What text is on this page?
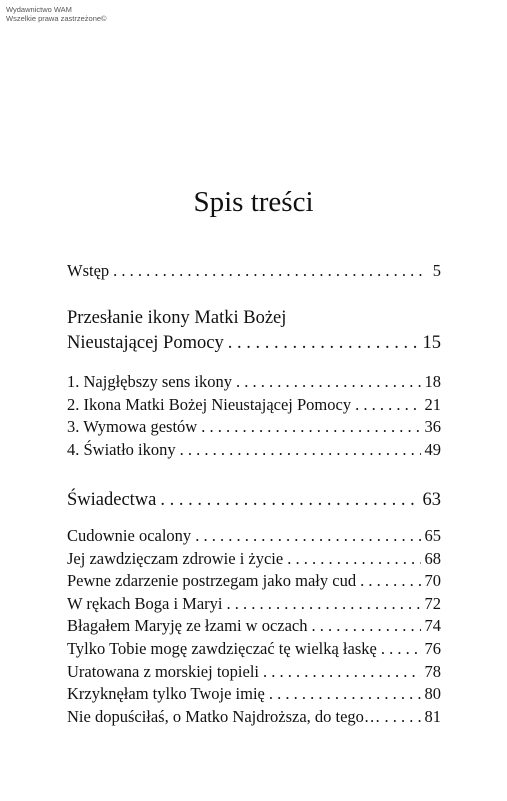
Wydawnictwo WAM
Wszelkie prawa zastrzeżone©
Spis treści
Wstęp . . .	5
Przesłanie ikony Matki Bożej
Nieustającej Pomocy . . .	15
1. Najgłębszy sens ikony . . .	18
2. Ikona Matki Bożej Nieustającej Pomocy . . .	21
3. Wymowa gestów . . .	36
4. Światło ikony . . .	49
Świadectwa . . .	63
Cudownie ocalony . . .	65
Jej zawdzięczam zdrowie i życie . . .	68
Pewne zdarzenie postrzegam jako mały cud . . .	70
W rękach Boga i Maryi . . .	72
Błagałem Maryję ze łzami w oczach . . .	74
Tylko Tobie mogę zawdzięczać tę wielką łaskę . . .	76
Uratowana z morskiej topieli . . .	78
Krzyknęłam tylko Twoje imię . . .	80
Nie dopuściłaś, o Matko Najdroższa, do tego… . . .	81
